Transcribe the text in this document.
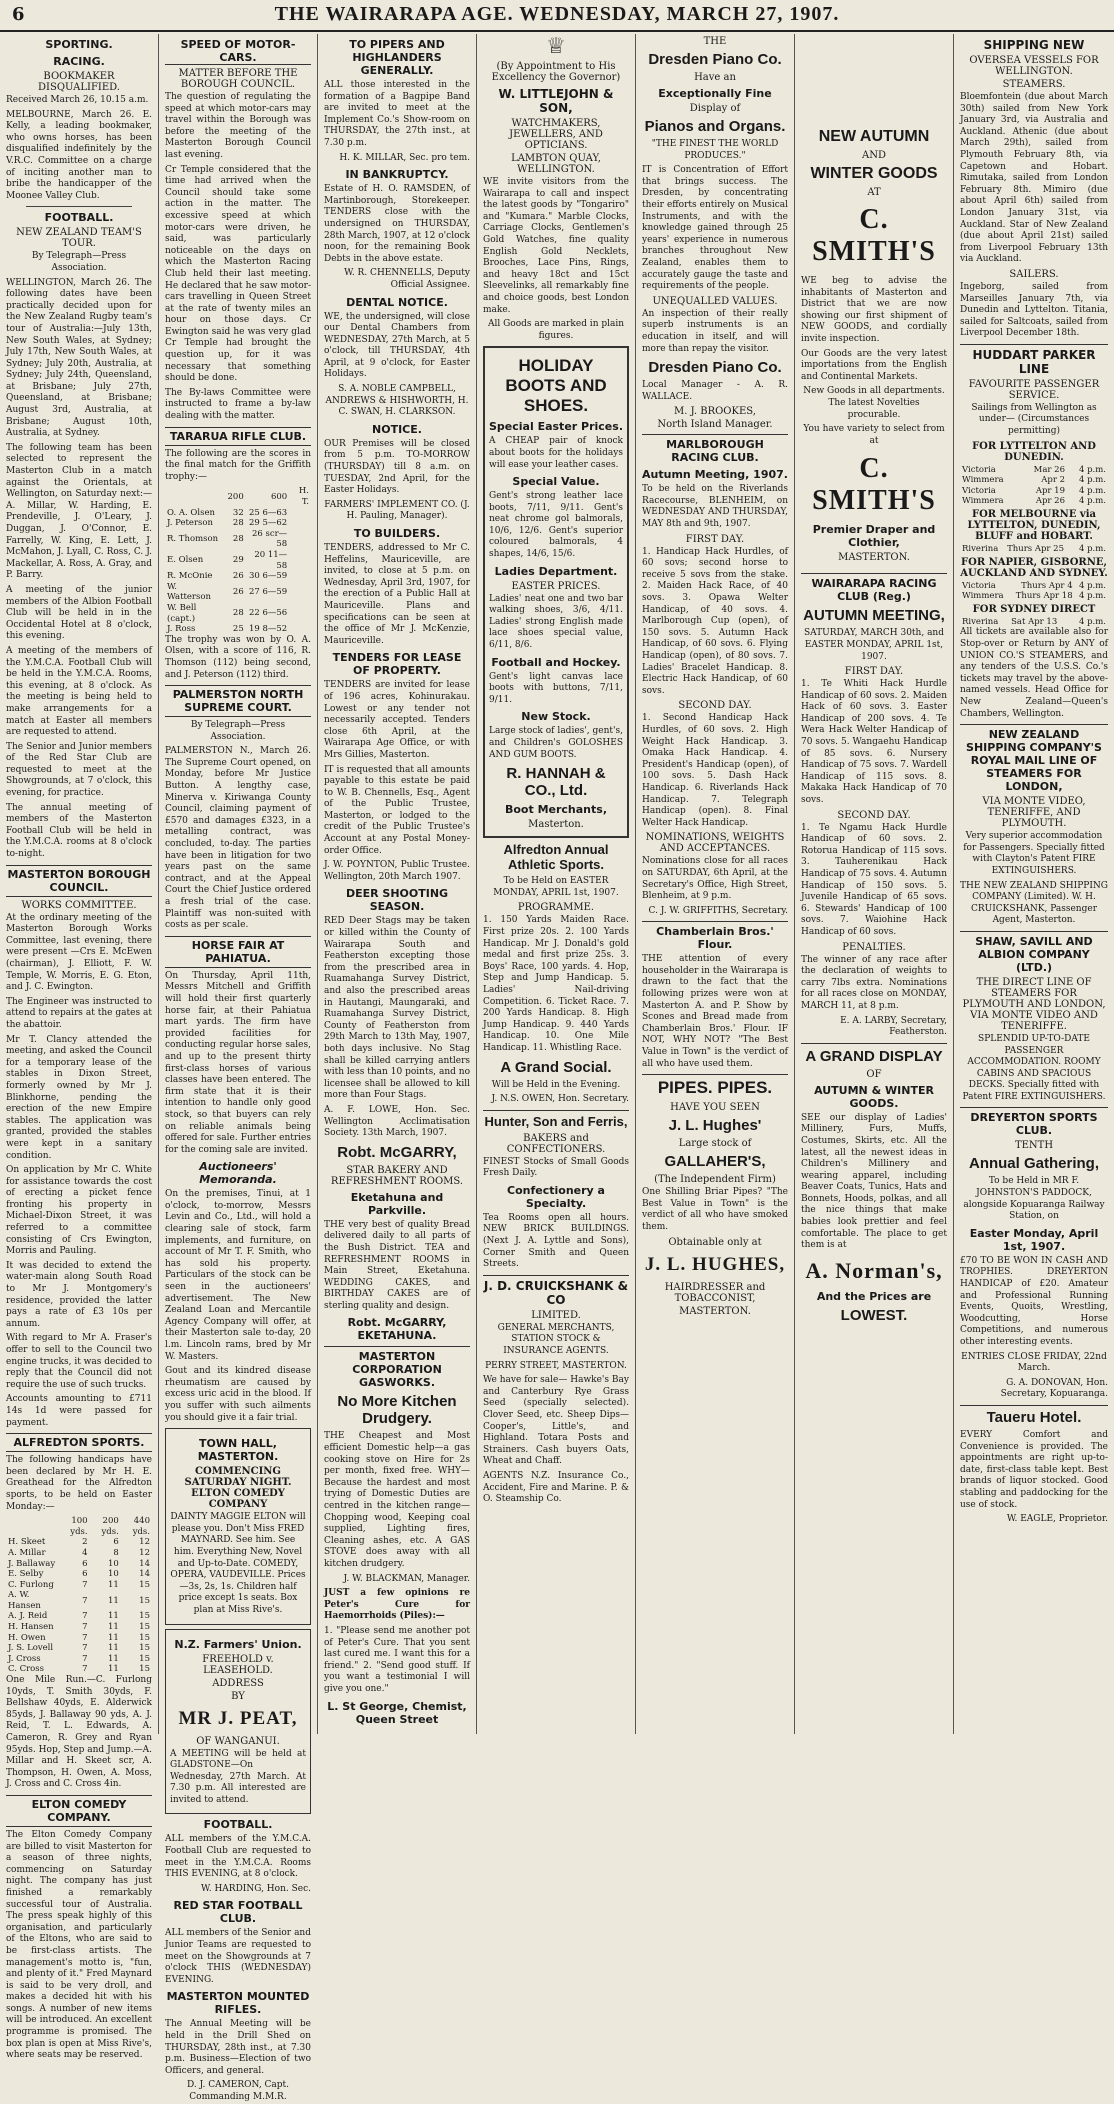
6	THE WAIRARAPA AGE. WEDNESDAY, MARCH 27, 1907.
SPORTING.
RACING.
BOOKMAKER DISQUALIFIED.

Received March 26, 10.15 a.m.

MELBOURNE, March 26. E. Kelly, a leading bookmaker, who owns horses, has been disqualified indefinitely by the V.R.C. Committee on a charge of inciting another man to bribe the handicapper of the Moonee Valley Club.

FOOTBALL.
NEW ZEALAND TEAM'S TOUR.

By Telegraph—Press Association.

WELLINGTON, March 26. The following dates have been practically decided upon for the New Zealand Rugby team's tour of Australia:—July 13th, New South Wales, at Sydney; July 17th, New South Wales, at Sydney; July 20th, Australia, at Sydney; July 24th, Queensland, at Brisbane; July 27th, Queensland, at Brisbane; August 3rd, Australia, at Brisbane; August 10th, Australia, at Sydney.

The following team has been selected to represent the Masterton Club in a match against the Orientals, at Wellington, on Saturday next:— A. Millar, W. Harding, E. Prendeville, J. O'Leary, J. Duggan, J. O'Connor, E. Farrelly, W. King, E. Lett, J. McMahon, J. Lyall, C. Ross, C. J. Mackellar, A. Ross, A. Gray, and P. Barry.

A meeting of the junior members of the Albion Football Club will be held in in the Occidental Hotel at 8 o'clock, this evening.

A meeting of the members of the Y.M.C.A. Football Club will be held in the Y.M.C.A. Rooms, this evening, at 8 o'clock. As the meeting is being held to make arrangements for a match at Easter all members are requested to attend.

The Senior and Junior members of the Red Star Club are requested to meet at the Showgrounds, at 7 o'clock, this evening, for practice.

The annual meeting of members of the Masterton Football Club will be held in the Y.M.C.A. rooms at 8 o'clock to-night.

MASTERTON BOROUGH COUNCIL.
WORKS COMMITTEE.

At the ordinary meeting of the Masterton Borough Works Committee, last evening, there were present —Crs E. McEwen (chairman), J. Elliott, F. W. Temple, W. Morris, E. G. Eton, and J. C. Ewington.

The Engineer was instructed to attend to repairs at the gates at the abattoir.

Mr T. Clancy attended the meeting, and asked the Council for a temporary lease of the stables in Dixon Street, formerly owned by Mr J. Blinkhorne, pending the erection of the new Empire stables. The application was granted, provided the stables were kept in a sanitary condition.

On application by Mr C. White for assistance towards the cost of erecting a picket fence fronting his property in Michael-Dixon Street, it was referred to a committee consisting of Crs Ewington, Morris and Pauling.

It was decided to extend the water-main along South Road to Mr J. Montgomery's residence, provided the latter pays a rate of £3 10s per annum.

With regard to Mr A. Fraser's offer to sell to the Council two engine trucks, it was decided to reply that the Council did not require the use of such trucks.

Accounts amounting to £711 14s 1d were passed for payment.

ALFREDTON SPORTS.

The following handicaps have been declared by Mr H. E. Greathead for the Alfredton sports, to be held on Easter Monday:—

	100 yds.	200 yds.	440 yds.
H. Skeet	2	6	12
A. Millar	4	8	12
J. Ballaway	6	10	14
E. Selby	6	10	14
C. Furlong	7	11	15
A. W. Hansen	7	11	15
A. J. Reid	7	11	15
H. Hansen	7	11	15
H. Owen	7	11	15
J. S. Lovell	7	11	15
J. Cross	7	11	15
C. Cross	7	11	15

One Mile Run.—C. Furlong 10yds, T. Smith 30yds, F. Bellshaw 40yds, E. Alderwick 85yds, J. Ballaway 90 yds, A. J. Reid, T. L. Edwards, A. Cameron, R. Grey and Ryan 95yds. Hop, Step and Jump.—A. Millar and H. Skeet scr, A. Thompson, H. Owen, A. Moss, J. Cross and C. Cross 4in.

ELTON COMEDY COMPANY.

The Elton Comedy Company are billed to visit Masterton for a season of three nights, commencing on Saturday night. The company has just finished a remarkably successful tour of Australia. The press speak highly of this organisation, and particularly of the Eltons, who are said to be first-class artists. The management's motto is, "fun, and plenty of it." Fred Maynard is said to be very droll, and makes a decided hit with his songs. A number of new items will be introduced. An excellent programme is promised. The box plan is open at Miss Rive's, where seats may be reserved.

SPEED OF MOTOR-CARS.
MATTER BEFORE THE BOROUGH COUNCIL.

The question of regulating the speed at which motor-cars may travel within the Borough was before the meeting of the Masterton Borough Council last evening.

Cr Temple considered that the time had arrived when the Council should take some action in the matter. The excessive speed at which motor-cars were driven, he said, was particularly noticeable on the days on which the Masterton Racing Club held their last meeting. He declared that he saw motor-cars travelling in Queen Street at the rate of twenty miles an hour on those days. Cr Ewington said he was very glad Cr Temple had brought the question up, for it was necessary that something should be done.

The By-laws Committee were instructed to frame a by-law dealing with the matter.

TARARUA RIFLE CLUB.

The following are the scores in the final match for the Griffith trophy:—

	200	600	H. T.
O. A. Olsen	32	25 6—63	
J. Peterson	28	29 5—62	
R. Thomson	28	26 scr—58	
E. Olsen	29	20 11—58	
R. McOnie	26	30 6—59	
W. Watterson	26	27 6—59	
W. Bell (capt.)	28	22 6—56	
J. Ross	25	19 8—52	

The trophy was won by O. A. Olsen, with a score of 116, R. Thomson (112) being second, and J. Peterson (112) third.

PALMERSTON NORTH SUPREME COURT.

By Telegraph—Press Association.

PALMERSTON N., March 26. The Supreme Court opened, on Monday, before Mr Justice Button. A lengthy case, Minerva v. Kiriwanga County Council, claiming payment of £570 and damages £323, in a metalling contract, was concluded, to-day. The parties have been in litigation for two years past on the same contract, and at the Appeal Court the Chief Justice ordered a fresh trial of the case. Plaintiff was non-suited with costs as per scale.

HORSE FAIR AT PAHIATUA.

On Thursday, April 11th, Messrs Mitchell and Griffith will hold their first quarterly horse fair, at their Pahiatua mart yards. The firm have provided facilities for conducting regular horse sales, and up to the present thirty first-class horses of various classes have been entered. The firm state that it is their intention to handle only good stock, so that buyers can rely on reliable animals being offered for sale. Further entries for the coming sale are invited.

Auctioneers' Memoranda.

On the premises, Tinui, at 1 o'clock, to-morrow, Messrs Levin and Co., Ltd., will hold a clearing sale of stock, farm implements, and furniture, on account of Mr T. F. Smith, who has sold his property. Particulars of the stock can be seen in the auctioneers' advertisement. The New Zealand Loan and Mercantile Agency Company will offer, at their Masterton sale to-day, 20 l.m. Lincoln rams, bred by Mr W. Masters.

Gout and its kindred disease rheumatism are caused by excess uric acid in the blood. If you suffer with such ailments you should give it a fair trial.

TOWN HALL, MASTERTON.
COMMENCING SATURDAY NIGHT. ELTON COMEDY COMPANY

DAINTY MAGGIE ELTON will please you. Don't Miss FRED MAYNARD. See him. See him. Everything New, Novel and Up-to-Date. COMEDY, OPERA, VAUDEVILLE. Prices—3s, 2s, 1s. Children half price except 1s seats. Box plan at Miss Rive's.

N.Z. Farmers' Union.
FREEHOLD v. LEASEHOLD.
ADDRESS
BY
MR J. PEAT,
OF WANGANUI.

A MEETING will be held at GLADSTONE—On Wednesday, 27th March. At 7.30 p.m. All interested are invited to attend.

FOOTBALL.

ALL members of the Y.M.C.A. Football Club are requested to meet in the Y.M.C.A. Rooms THIS EVENING, at 8 o'clock.

W. HARDING, Hon. Sec.

RED STAR FOOTBALL CLUB.

ALL members of the Senior and Junior Teams are requested to meet on the Showgrounds at 7 o'clock THIS (WEDNESDAY) EVENING.

MASTERTON MOUNTED RIFLES.

The Annual Meeting will be held in the Drill Shed on THURSDAY, 28th inst., at 7.30 p.m. Business—Election of two Officers, and general.

D. J. CAMERON, Capt. Commanding M.M.R.

TO PIPERS AND HIGHLANDERS GENERALLY.

ALL those interested in the formation of a Bagpipe Band are invited to meet at the Implement Co.'s Show-room on THURSDAY, the 27th inst., at 7.30 p.m.

H. K. MILLAR, Sec. pro tem.

IN BANKRUPTCY.

Estate of H. O. RAMSDEN, of Martinborough, Storekeeper. TENDERS close with the undersigned on THURSDAY, 28th March, 1907, at 12 o'clock noon, for the remaining Book Debts in the above estate.

W. R. CHENNELLS, Deputy Official Assignee.

DENTAL NOTICE.

WE, the undersigned, will close our Dental Chambers from WEDNESDAY, 27th March, at 5 o'clock, till THURSDAY, 4th April, at 9 o'clock, for Easter Holidays.

S. A. NOBLE CAMPBELL, ANDREWS & HISHWORTH, H. C. SWAN, H. CLARKSON.

NOTICE.

OUR Premises will be closed from 5 p.m. TO-MORROW (THURSDAY) till 8 a.m. on TUESDAY, 2nd April, for the Easter Holidays.

FARMERS' IMPLEMENT CO. (J. H. Pauling, Manager).

TO BUILDERS.

TENDERS, addressed to Mr C. Heffelins, Mauriceville, are invited, to close at 5 p.m. on Wednesday, April 3rd, 1907, for the erection of a Public Hall at Mauriceville. Plans and specifications can be seen at the office of Mr J. McKenzie, Mauriceville.

TENDERS FOR LEASE OF PROPERTY.

TENDERS are invited for lease of 196 acres, Kohinurakau. Lowest or any tender not necessarily accepted. Tenders close 6th April, at the Wairarapa Age Office, or with Mrs Gillies, Masterton.

IT is requested that all amounts payable to this estate be paid to W. B. Chennells, Esq., Agent of the Public Trustee, Masterton, or lodged to the credit of the Public Trustee's Account at any Postal Money-order Office.

J. W. POYNTON, Public Trustee. Wellington, 20th March 1907.

DEER SHOOTING SEASON.

RED Deer Stags may be taken or killed within the County of Wairarapa South and Featherston excepting those from the prescribed area in Ruamahanga Survey District, and also the prescribed areas in Hautangi, Maungaraki, and Ruamahanga Survey District, County of Featherston from 29th March to 13th May, 1907, both days inclusive. No Stag shall be killed carrying antlers with less than 10 points, and no licensee shall be allowed to kill more than Four Stags.

A. F. LOWE, Hon. Sec. Wellington Acclimatisation Society. 13th March, 1907.

Robt. McGARRY,
STAR BAKERY AND REFRESHMENT ROOMS.
Eketahuna and Parkville.

THE very best of quality Bread delivered daily to all parts of the Bush District. TEA and REFRESHMENT ROOMS in Main Street, Eketahuna. WEDDING CAKES, and BIRTHDAY CAKES are of sterling quality and design.

Robt. McGARRY, EKETAHUNA.
MASTERTON CORPORATION GASWORKS.
No More Kitchen Drudgery.

THE Cheapest and Most efficient Domestic help—a gas cooking stove on Hire for 2s per month, fixed free. WHY—Because the hardest and most trying of Domestic Duties are centred in the kitchen range—Chopping wood, Keeping coal supplied, Lighting fires, Cleaning ashes, etc. A GAS STOVE does away with all kitchen drudgery.

J. W. BLACKMAN, Manager.

JUST a few opinions re Peter's Cure for Haemorrhoids (Piles):—

1. "Please send me another pot of Peter's Cure. That you sent last cured me. I want this for a friend." 2. "Send good stuff. If you want a testimonial I will give you one."

L. St George, Chemist, Queen Street
♕
(By Appointment to His Excellency the Governor)
W. LITTLEJOHN & SON,
WATCHMAKERS, JEWELLERS, AND OPTICIANS.
LAMBTON QUAY, WELLINGTON.

WE invite visitors from the Wairarapa to call and inspect the latest goods by "Tongariro" and "Kumara." Marble Clocks, Carriage Clocks, Gentlemen's Gold Watches, fine quality English Gold Necklets, Brooches, Lace Pins, Rings, and heavy 18ct and 15ct Sleevelinks, all remarkably fine and choice goods, best London make.

All Goods are marked in plain figures.

HOLIDAY BOOTS AND SHOES.
Special Easter Prices.

A CHEAP pair of knock about boots for the holidays will ease your leather cases.

Special Value.

Gent's strong leather lace boots, 7/11, 9/11. Gent's neat chrome gol balmorals, 10/6, 12/6. Gent's superior coloured balmorals, 4 shapes, 14/6, 15/6.

Ladies Department.
EASTER PRICES.

Ladies' neat one and two bar walking shoes, 3/6, 4/11. Ladies' strong English made lace shoes special value, 6/11, 8/6.

Football and Hockey.

Gent's light canvas lace boots with buttons, 7/11, 9/11.

New Stock.

Large stock of ladies', gent's, and Children's GOLOSHES AND GUM BOOTS.

R. HANNAH & CO., Ltd.
Boot Merchants,
Masterton.
Alfredton Annual Athletic Sports.

To be Held on EASTER MONDAY, APRIL 1st, 1907.

PROGRAMME.

1. 150 Yards Maiden Race. First prize 20s. 2. 100 Yards Handicap. Mr J. Donald's gold medal and first prize 25s. 3. Boys' Race, 100 yards. 4. Hop, Step and Jump Handicap. 5. Ladies' Nail-driving Competition. 6. Ticket Race. 7. 200 Yards Handicap. 8. High Jump Handicap. 9. 440 Yards Handicap. 10. One Mile Handicap. 11. Whistling Race.

A Grand Social.

Will be Held in the Evening.

J. N.S. OWEN, Hon. Secretary.

Hunter, Son and Ferris,
BAKERS and CONFECTIONERS.

FINEST Stocks of Small Goods Fresh Daily.

Confectionery a Specialty.

Tea Rooms open all hours. NEW BRICK BUILDINGS. (Next J. A. Lyttle and Sons), Corner Smith and Queen Streets.

J. D. CRUICKSHANK & CO
LIMITED.

GENERAL MERCHANTS, STATION STOCK & INSURANCE AGENTS.

PERRY STREET, MASTERTON.

We have for sale— Hawke's Bay and Canterbury Rye Grass Seed (specially selected). Clover Seed, etc. Sheep Dips—Cooper's, Little's, and Highland. Totara Posts and Strainers. Cash buyers Oats, Wheat and Chaff.

AGENTS N.Z. Insurance Co., Accident, Fire and Marine. P. & O. Steamship Co.

THE
Dresden Piano Co.
Have an
Exceptionally Fine
Display of
Pianos and Organs.

"THE FINEST THE WORLD PRODUCES."

IT is Concentration of Effort that brings success. The Dresden, by concentrating their efforts entirely on Musical Instruments, and with the knowledge gained through 25 years' experience in numerous branches throughout New Zealand, enables them to accurately gauge the taste and requirements of the people.

UNEQUALLED VALUES.

An inspection of their really superb instruments is an education in itself, and will more than repay the visitor.

Dresden Piano Co.

Local Manager - A. R. WALLACE.

M. J. BROOKES,
North Island Manager.
MARLBOROUGH RACING CLUB.
Autumn Meeting, 1907.

To be held on the Riverlands Racecourse, BLENHEIM, on WEDNESDAY AND THURSDAY, MAY 8th and 9th, 1907.

FIRST DAY.

1. Handicap Hack Hurdles, of 60 sovs; second horse to receive 5 sovs from the stake. 2. Maiden Hack Race, of 40 sovs. 3. Opawa Welter Handicap, of 40 sovs. 4. Marlborough Cup (open), of 150 sovs. 5. Autumn Hack Handicap, of 60 sovs. 6. Flying Handicap (open), of 80 sovs. 7. Ladies' Bracelet Handicap. 8. Electric Hack Handicap, of 60 sovs.

SECOND DAY.

1. Second Handicap Hack Hurdles, of 60 sovs. 2. High Weight Hack Handicap. 3. Omaka Hack Handicap. 4. President's Handicap (open), of 100 sovs. 5. Dash Hack Handicap. 6. Riverlands Hack Handicap. 7. Telegraph Handicap (open). 8. Final Welter Hack Handicap.

NOMINATIONS, WEIGHTS AND ACCEPTANCES.

Nominations close for all races on SATURDAY, 6th April, at the Secretary's Office, High Street, Blenheim, at 9 p.m.

C. J. W. GRIFFITHS, Secretary.

Chamberlain Bros.' Flour.

THE attention of every householder in the Wairarapa is drawn to the fact that the following prizes were won at Masterton A. and P. Show by Scones and Bread made from Chamberlain Bros.' Flour. IF NOT, WHY NOT? "The Best Value in Town" is the verdict of all who have used them.

PIPES. PIPES.
HAVE YOU SEEN
J. L. Hughes'
Large stock of
GALLAHER'S,
(The Independent Firm)

One Shilling Briar Pipes? "The Best Value in Town" is the verdict of all who have smoked them.

Obtainable only at
J. L. HUGHES,
HAIRDRESSER and TOBACCONIST,
MASTERTON.
NEW AUTUMN
AND
WINTER GOODS
AT
C. SMITH'S

WE beg to advise the inhabitants of Masterton and District that we are now showing our first shipment of NEW GOODS, and cordially invite inspection.

Our Goods are the very latest importations from the English and Continental Markets.

New Goods in all departments. The latest Novelties procurable.

You have variety to select from at

C. SMITH'S
Premier Draper and Clothier,
MASTERTON.
WAIRARAPA RACING CLUB (Reg.)
AUTUMN MEETING,

SATURDAY, MARCH 30th, and EASTER MONDAY, APRIL 1st, 1907.

FIRST DAY.

1. Te Whiti Hack Hurdle Handicap of 60 sovs. 2. Maiden Hack of 60 sovs. 3. Easter Handicap of 200 sovs. 4. Te Wera Hack Welter Handicap of 70 sovs. 5. Wangaehu Handicap of 85 sovs. 6. Nursery Handicap of 75 sovs. 7. Wardell Handicap of 115 sovs. 8. Makaka Hack Handicap of 70 sovs.

SECOND DAY.

1. Te Ngamu Hack Hurdle Handicap of 60 sovs. 2. Rotorua Handicap of 115 sovs. 3. Tauherenikau Hack Handicap of 75 sovs. 4. Autumn Handicap of 150 sovs. 5. Juvenile Handicap of 65 sovs. 6. Stewards' Handicap of 100 sovs. 7. Waiohine Hack Handicap of 60 sovs.

PENALTIES.

The winner of any race after the declaration of weights to carry 7lbs extra. Nominations for all races close on MONDAY, MARCH 11, at 8 p.m.

E. A. LARBY, Secretary, Featherston.

A GRAND DISPLAY
OF
AUTUMN & WINTER GOODS.

SEE our display of Ladies' Millinery, Furs, Muffs, Costumes, Skirts, etc. All the latest, all the newest ideas in Children's Millinery and wearing apparel, including Beaver Coats, Tunics, Hats and Bonnets, Hoods, polkas, and all the nice things that make babies look prettier and feel comfortable. The place to get them is at

A. Norman's,
And the Prices are
LOWEST.
SHIPPING NEW
OVERSEA VESSELS FOR WELLINGTON.
STEAMERS.

Bloemfontein (due about March 30th) sailed from New York January 3rd, via Australia and Auckland. Athenic (due about March 29th), sailed from Plymouth February 8th, via Capetown and Hobart. Rimutaka, sailed from London February 8th. Mimiro (due about April 6th) sailed from London January 31st, via Auckland. Star of New Zealand (due about April 21st) sailed from Liverpool February 13th via Auckland.

SAILERS.

Ingeborg, sailed from Marseilles January 7th, via Dunedin and Lyttelton. Titania, sailed for Saltcoats, sailed from Liverpool December 18th.

HUDDART PARKER LINE
FAVOURITE PASSENGER SERVICE.

Sailings from Wellington as under— (Circumstances permitting)

FOR LYTTELTON AND DUNEDIN.
Victoria	Mar 26	4 p.m.
Wimmera	Apr 2	4 p.m.
Victoria	Apr 19	4 p.m.
Wimmera	Apr 26	4 p.m.
FOR MELBOURNE via LYTTELTON, DUNEDIN, BLUFF and HOBART.
Riverina	Thurs Apr 25	4 p.m.
FOR NAPIER, GISBORNE, AUCKLAND AND SYDNEY.
Victoria	Thurs Apr 4	4 p.m.
Wimmera	Thurs Apr 18	4 p.m.
FOR SYDNEY DIRECT
Riverina	Sat Apr 13	4 p.m.

All tickets are available also for Stop-over or Return by ANY of UNION CO.'S STEAMERS, and any tenders of the U.S.S. Co.'s tickets may travel by the above-named vessels. Head Office for New Zealand—Queen's Chambers, Wellington.

NEW ZEALAND SHIPPING COMPANY'S ROYAL MAIL LINE OF STEAMERS FOR LONDON,
VIA MONTE VIDEO, TENERIFFE, AND PLYMOUTH.

Very superior accommodation for Passengers. Specially fitted with Clayton's Patent FIRE EXTINGUISHERS.

THE NEW ZEALAND SHIPPING COMPANY (Limited). W. H. CRUICKSHANK, Passenger Agent, Masterton.

SHAW, SAVILL AND ALBION COMPANY (LTD.)
THE DIRECT LINE OF STEAMERS FOR PLYMOUTH AND LONDON, VIA MONTE VIDEO AND TENERIFFE.

SPLENDID UP-TO-DATE PASSENGER ACCOMMODATION. ROOMY CABINS AND SPACIOUS DECKS. Specially fitted with Patent FIRE EXTINGUISHERS.

DREYERTON SPORTS CLUB.
TENTH
Annual Gathering,

To be Held in MR F. JOHNSTON'S PADDOCK, alongside Kopuaranga Railway Station, on

Easter Monday, April 1st, 1907.

£70 TO BE WON IN CASH AND TROPHIES. DREYERTON HANDICAP of £20. Amateur and Professional Running Events, Quoits, Wrestling, Woodcutting, Horse Competitions, and numerous other interesting events.

ENTRIES CLOSE FRIDAY, 22nd March.

G. A. DONOVAN, Hon. Secretary, Kopuaranga.

Taueru Hotel.

EVERY Comfort and Convenience is provided. The appointments are right up-to-date, first-class table kept. Best brands of liquor stocked. Good stabling and paddocking for the use of stock.

W. EAGLE, Proprietor.
